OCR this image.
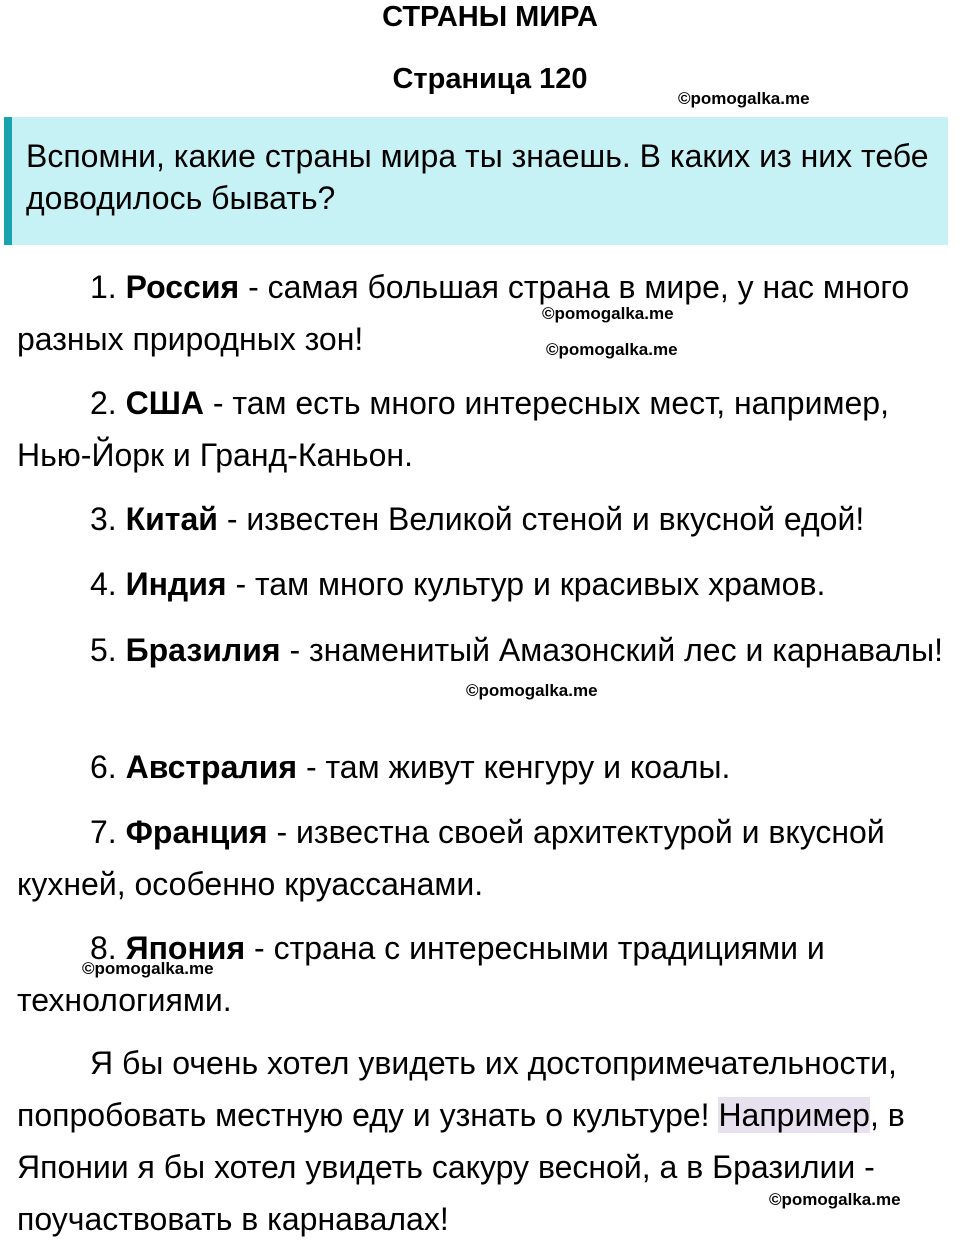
СТРАНЫ МИРА
Страница 120
©pomogalka.me

Вспомни, какие страны мира ты знаешь. В каких из них тебе доводилось бывать?

1. Россия - самая большая страна в мире, у нас много разных природных зон!

©pomogalka.me
©pomogalka.me

2. США - там есть много интересных мест, например, Нью-Йорк и Гранд-Каньон.

3. Китай - известен Великой стеной и вкусной едой!

4. Индия - там много культур и красивых храмов.

5. Бразилия - знаменитый Амазонский лес и карнавалы!

©pomogalka.me

6. Австралия - там живут кенгуру и коалы.

7. Франция - известна своей архитектурой и вкусной кухней, особенно круассанами.

8. Япония - страна с интересными традициями и технологиями.

©pomogalka.me

Я бы очень хотел увидеть их достопримечательности, попробовать местную еду и узнать о культуре! Например, в Японии я бы хотел увидеть сакуру весной, а в Бразилии - поучаствовать в карнавалах!

©pomogalka.me
